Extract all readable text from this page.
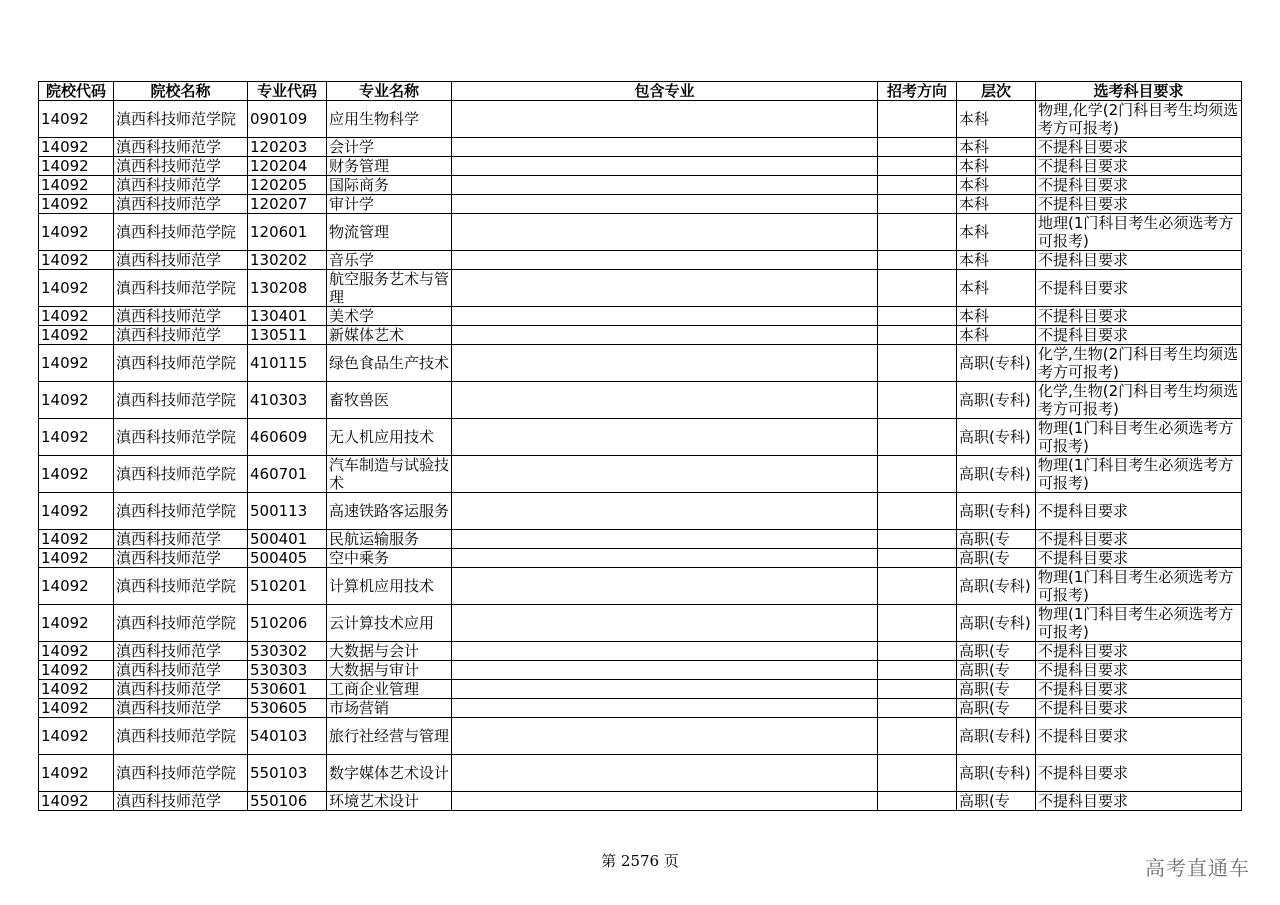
院校代码	院校名称	专业代码	专业名称	包含专业	招考方向	层次	选考科目要求

14092	滇西科技师范学院	090109	应用生物科学			本科	物理,化学(2门科目考生均须选考方可报考)

14092	滇西科技师范学	120203	会计学			本科	不提科目要求

14092	滇西科技师范学	120204	财务管理			本科	不提科目要求

14092	滇西科技师范学	120205	国际商务			本科	不提科目要求

14092	滇西科技师范学	120207	审计学			本科	不提科目要求

14092	滇西科技师范学院	120601	物流管理			本科	地理(1门科目考生必须选考方可报考)

14092	滇西科技师范学	130202	音乐学			本科	不提科目要求

14092	滇西科技师范学院	130208	航空服务艺术与管理			本科	不提科目要求

14092	滇西科技师范学	130401	美术学			本科	不提科目要求

14092	滇西科技师范学	130511	新媒体艺术			本科	不提科目要求

14092	滇西科技师范学院	410115	绿色食品生产技术			高职(专科)	化学,生物(2门科目考生均须选考方可报考)

14092	滇西科技师范学院	410303	畜牧兽医			高职(专科)	化学,生物(2门科目考生均须选考方可报考)

14092	滇西科技师范学院	460609	无人机应用技术			高职(专科)	物理(1门科目考生必须选考方可报考)

14092	滇西科技师范学院	460701	汽车制造与试验技术			高职(专科)	物理(1门科目考生必须选考方可报考)

14092	滇西科技师范学院	500113	高速铁路客运服务			高职(专科)	不提科目要求

14092	滇西科技师范学	500401	民航运输服务			高职(专	不提科目要求

14092	滇西科技师范学	500405	空中乘务			高职(专	不提科目要求

14092	滇西科技师范学院	510201	计算机应用技术			高职(专科)	物理(1门科目考生必须选考方可报考)

14092	滇西科技师范学院	510206	云计算技术应用			高职(专科)	物理(1门科目考生必须选考方可报考)

14092	滇西科技师范学	530302	大数据与会计			高职(专	不提科目要求

14092	滇西科技师范学	530303	大数据与审计			高职(专	不提科目要求

14092	滇西科技师范学	530601	工商企业管理			高职(专	不提科目要求

14092	滇西科技师范学	530605	市场营销			高职(专	不提科目要求

14092	滇西科技师范学院	540103	旅行社经营与管理			高职(专科)	不提科目要求

14092	滇西科技师范学院	550103	数字媒体艺术设计			高职(专科)	不提科目要求

14092	滇西科技师范学	550106	环境艺术设计			高职(专	不提科目要求
第 2576 页	高考直通车
